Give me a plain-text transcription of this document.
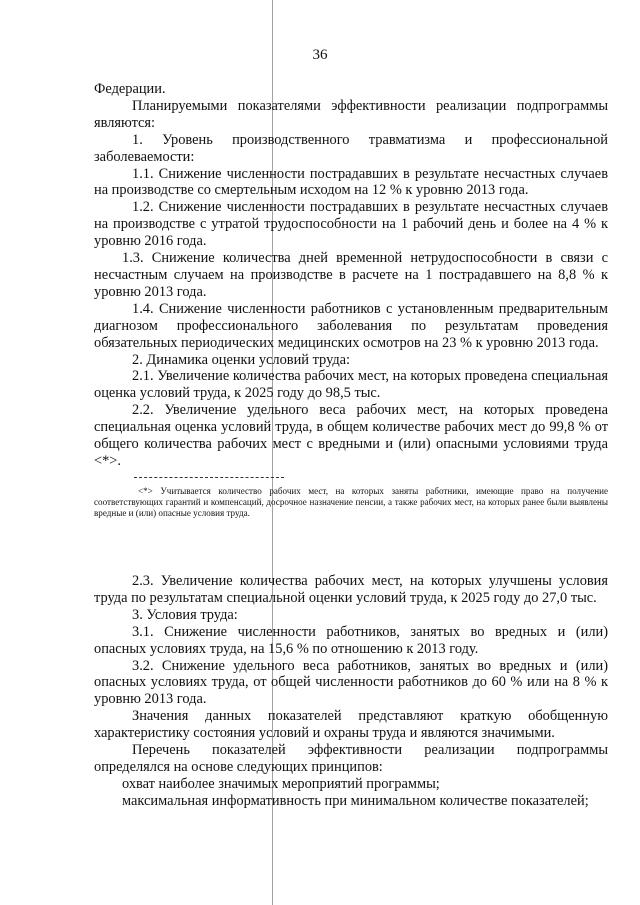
36

Федерации.

Планируемыми показателями эффективности реализации подпрограммы являются:

1. Уровень производственного травматизма и профессиональной заболеваемости:

1.1. Снижение численности пострадавших в результате несчастных случаев на производстве со смертельным исходом на 12 % к уровню 2013 года.

1.2. Снижение численности пострадавших в результате несчастных случаев на производстве с утратой трудоспособности на 1 рабочий день и более на 4 % к уровню 2016 года.

1.3. Снижение количества дней временной нетрудоспособности в связи с несчастным случаем на производстве в расчете на 1 пострадавшего на 8,8 % к уровню 2013 года.

1.4. Снижение численности работников с установленным предварительным диагнозом профессионального заболевания по результатам проведения обязательных периодических медицинских осмотров на 23 % к уровню 2013 года.

2. Динамика оценки условий труда:

2.1. Увеличение количества рабочих мест, на которых проведена специальная оценка условий труда, к 2025 году до 98,5 тыс.

2.2. Увеличение удельного веса рабочих мест, на которых проведена специальная оценка условий труда, в общем количестве рабочих мест до 99,8 % от общего количества рабочих мест с вредными и (или) опасными условиями труда <*>.

<*> Учитывается количество рабочих мест, на которых заняты работники, имеющие право на получение соответствующих гарантий и компенсаций, досрочное назначение пенсии, а также рабочих мест, на которых ранее были выявлены вредные и (или) опасные условия труда.

2.3. Увеличение количества рабочих мест, на которых улучшены условия труда по результатам специальной оценки условий труда, к 2025 году до 27,0 тыс.

3. Условия труда:

3.1. Снижение численности работников, занятых во вредных и (или) опасных условиях труда, на 15,6 % по отношению к 2013 году.

3.2. Снижение удельного веса работников, занятых во вредных и (или) опасных условиях труда, от общей численности работников до 60 % или на 8 % к уровню 2013 года.

Значения данных показателей представляют краткую обобщенную характеристику состояния условий и охраны труда и являются значимыми.

Перечень показателей эффективности реализации подпрограммы определялся на основе следующих принципов:

охват наиболее значимых мероприятий программы;

максимальная информативность при минимальном количестве показателей;
